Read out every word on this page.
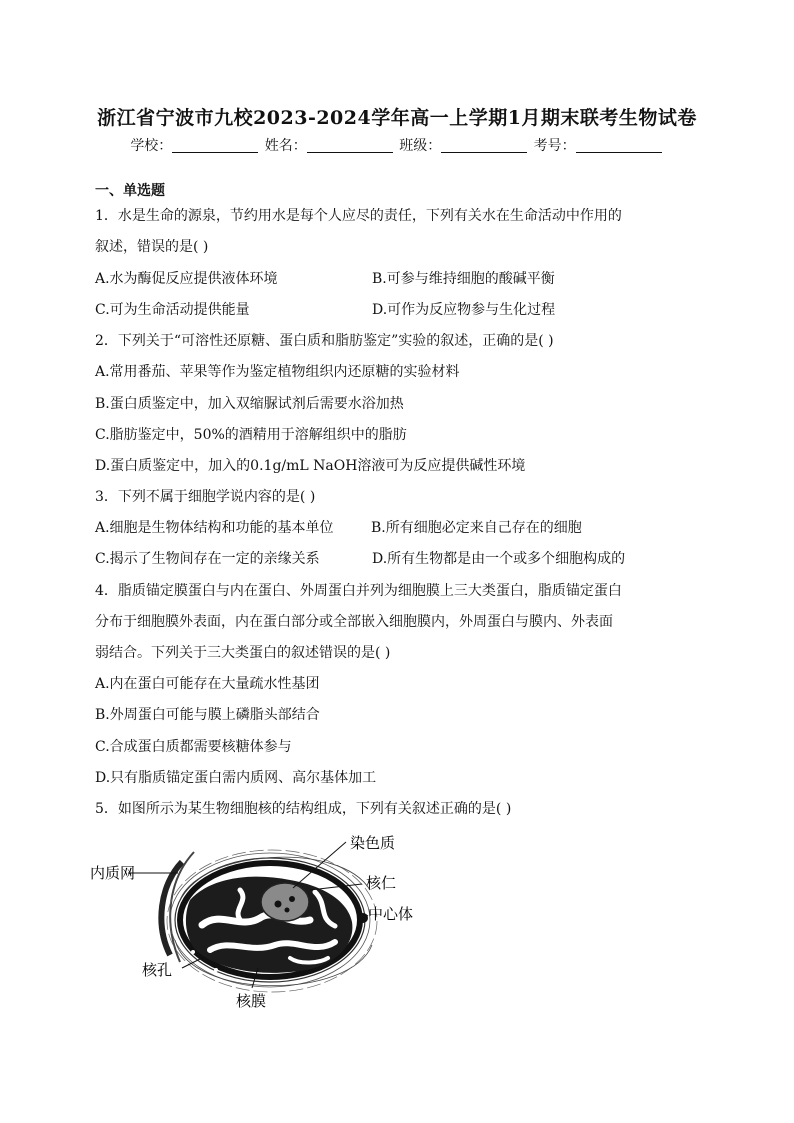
浙江省宁波市九校2023-2024学年高一上学期1月期末联考生物试卷
学校：	姓名：	班级：	考号：
一、单选题
1．水是生命的源泉，节约用水是每个人应尽的责任，下列有关水在生命活动中作用的
叙述，错误的是( )
A.水为酶促反应提供液体环境	B.可参与维持细胞的酸碱平衡
C.可为生命活动提供能量	D.可作为反应物参与生化过程
2．下列关于“可溶性还原糖、蛋白质和脂肪鉴定”实验的叙述，正确的是( )
A.常用番茄、苹果等作为鉴定植物组织内还原糖的实验材料
B.蛋白质鉴定中，加入双缩脲试剂后需要水浴加热
C.脂肪鉴定中，50%的酒精用于溶解组织中的脂肪
D.蛋白质鉴定中，加入的0.1g/mL NaOH溶液可为反应提供碱性环境
3．下列不属于细胞学说内容的是( )
A.细胞是生物体结构和功能的基本单位	B.所有细胞必定来自己存在的细胞
C.揭示了生物间存在一定的亲缘关系	D.所有生物都是由一个或多个细胞构成的
4．脂质锚定膜蛋白与内在蛋白、外周蛋白并列为细胞膜上三大类蛋白，脂质锚定蛋白
分布于细胞膜外表面，内在蛋白部分或全部嵌入细胞膜内，外周蛋白与膜内、外表面
弱结合。下列关于三大类蛋白的叙述错误的是( )
A.内在蛋白可能存在大量疏水性基团
B.外周蛋白可能与膜上磷脂头部结合
C.合成蛋白质都需要核糖体参与
D.只有脂质锚定蛋白需内质网、高尔基体加工
5．如图所示为某生物细胞核的结构组成，下列有关叙述正确的是( )
染色质
内质网
核仁
中心体
核孔
核膜
